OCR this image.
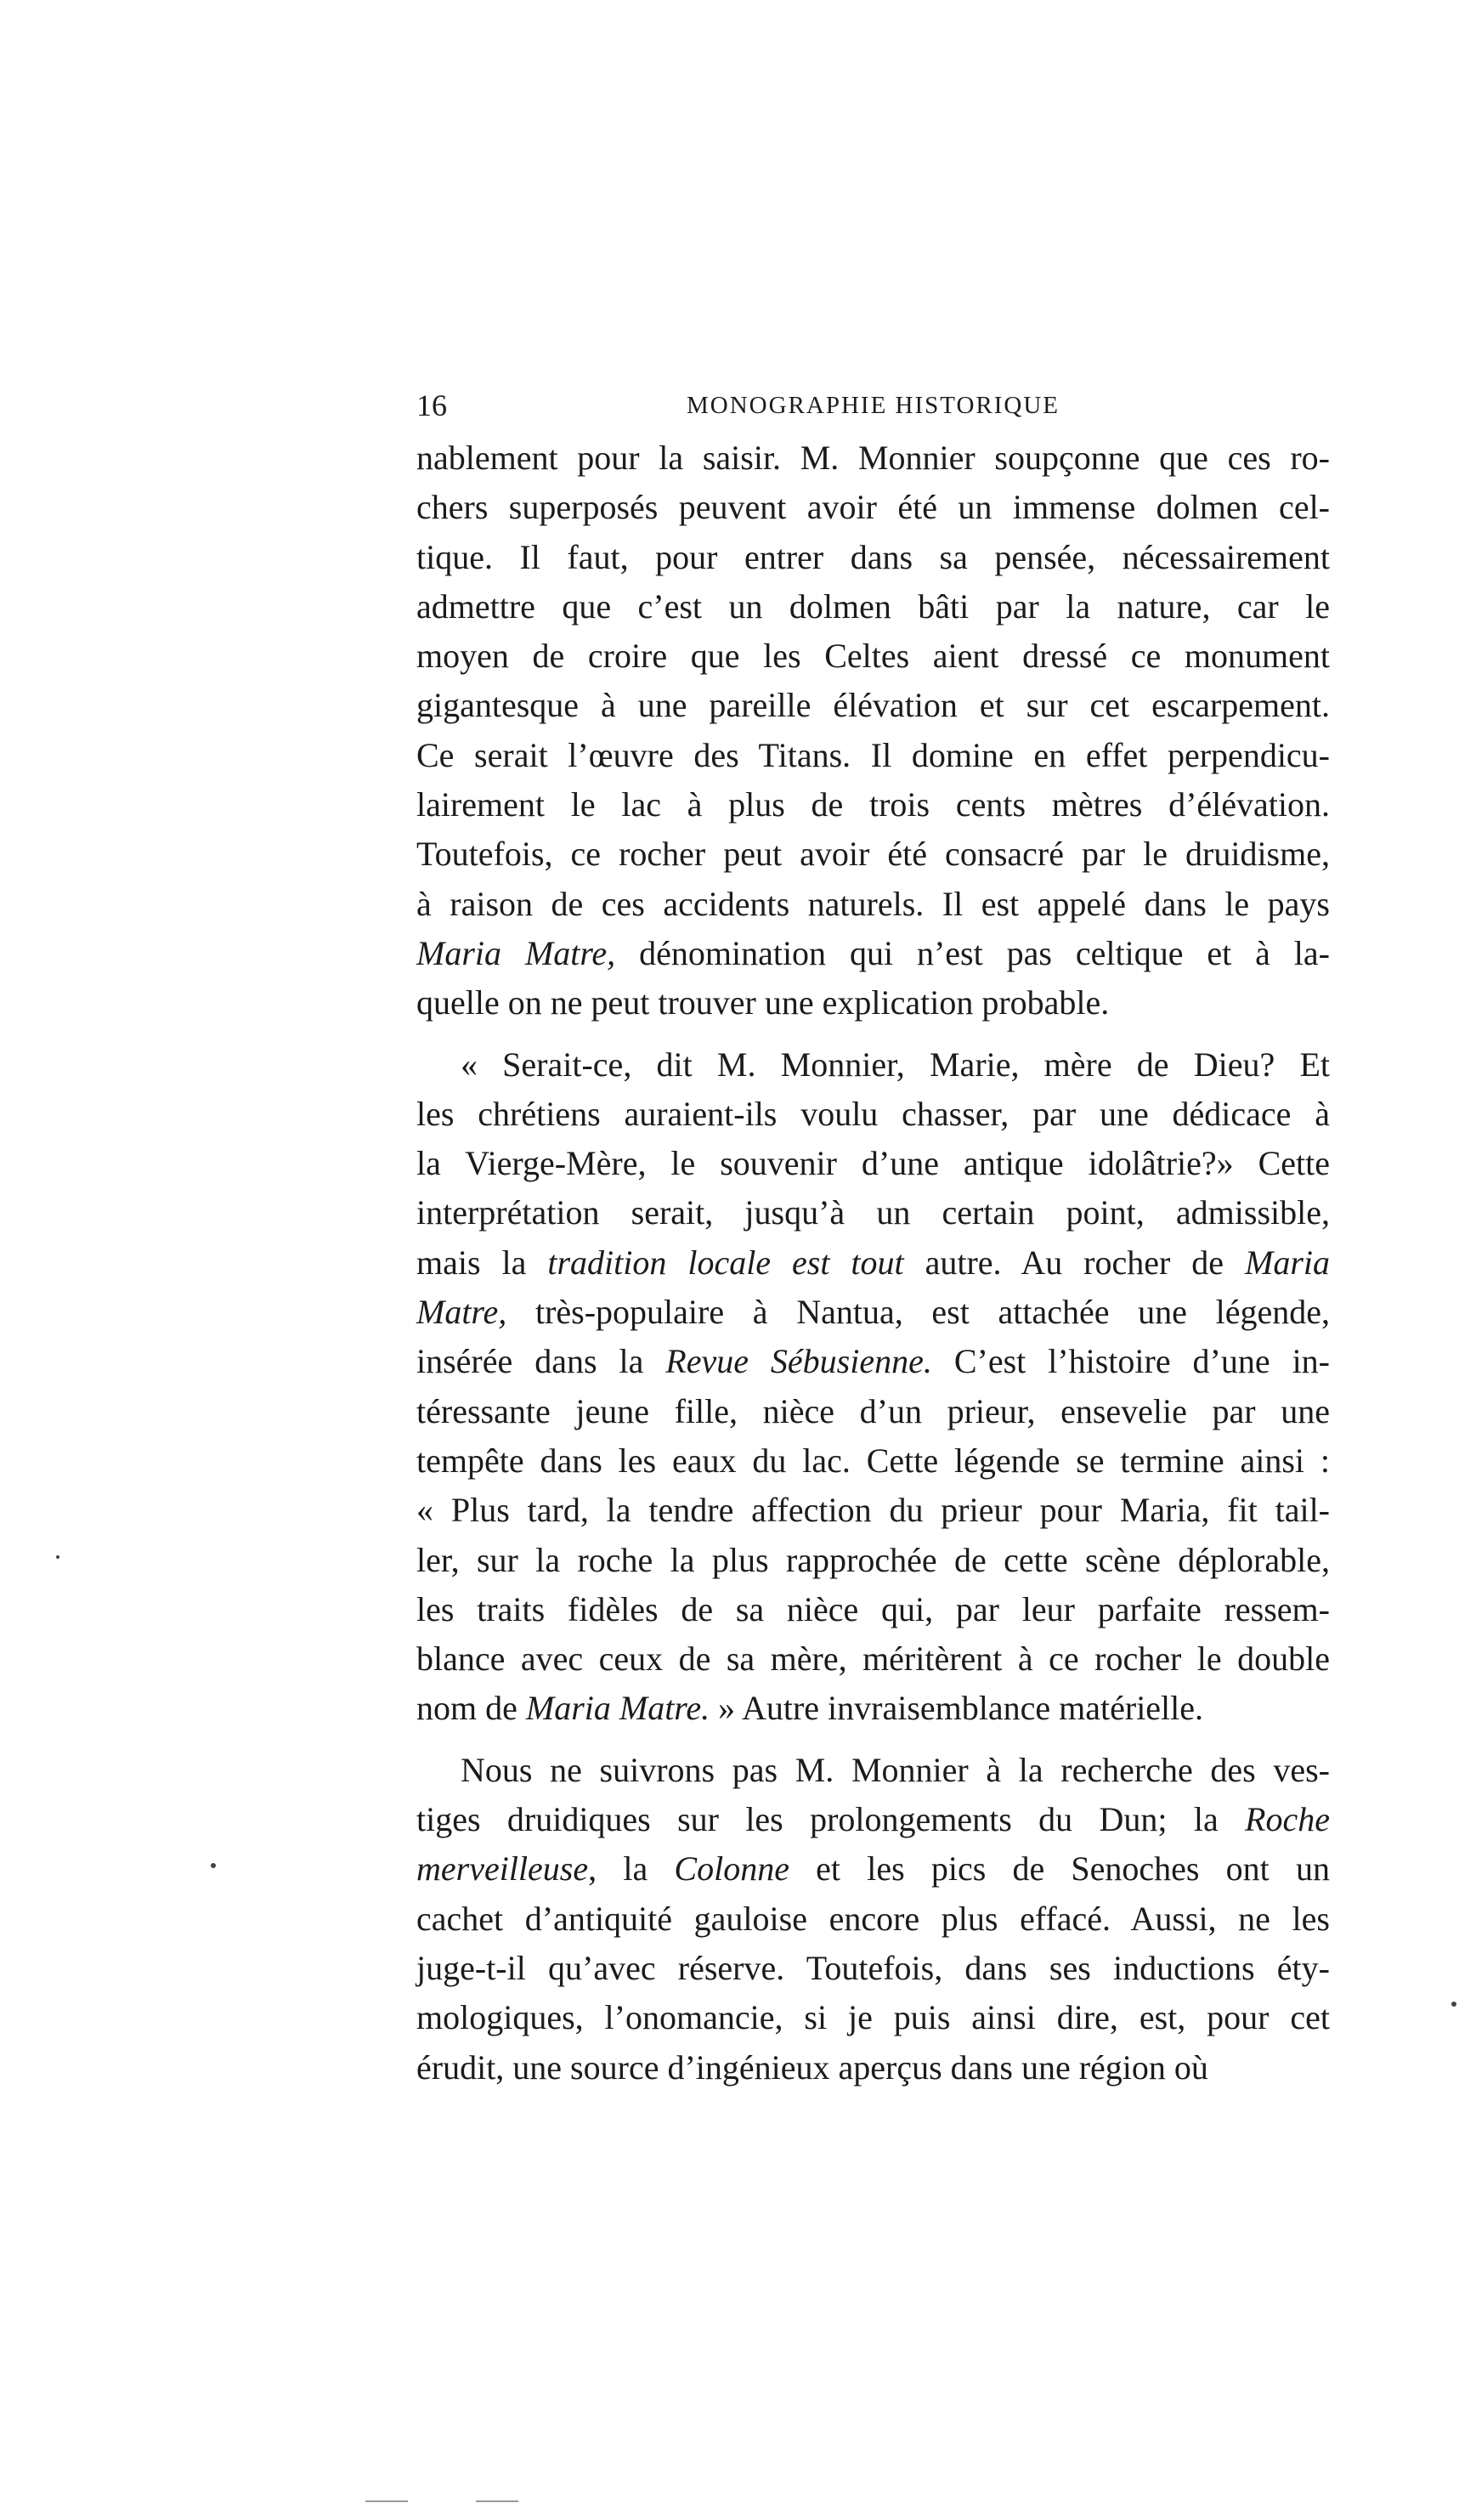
16	MONOGRAPHIE HISTORIQUE
nablement pour la saisir. M. Monnier soupçonne que ces ro-
chers superposés peuvent avoir été un immense dolmen cel-
tique. Il faut, pour entrer dans sa pensée, nécessairement
admettre que c’est un dolmen bâti par la nature, car le
moyen de croire que les Celtes aient dressé ce monument
gigantesque à une pareille élévation et sur cet escarpement.
Ce serait l’œuvre des Titans. Il domine en effet perpendicu-
lairement le lac à plus de trois cents mètres d’élévation.
Toutefois, ce rocher peut avoir été consacré par le druidisme,
à raison de ces accidents naturels. Il est appelé dans le pays
Maria Matre, dénomination qui n’est pas celtique et à la-
quelle on ne peut trouver une explication probable.
« Serait-ce, dit M. Monnier, Marie, mère de Dieu? Et
les chrétiens auraient-ils voulu chasser, par une dédicace à
la Vierge-Mère, le souvenir d’une antique idolâtrie?» Cette
interprétation serait, jusqu’à un certain point, admissible,
mais la tradition locale est tout autre. Au rocher de Maria
Matre, très-populaire à Nantua, est attachée une légende,
insérée dans la Revue Sébusienne. C’est l’histoire d’une in-
téressante jeune fille, nièce d’un prieur, ensevelie par une
tempête dans les eaux du lac. Cette légende se termine ainsi :
« Plus tard, la tendre affection du prieur pour Maria, fit tail-
ler, sur la roche la plus rapprochée de cette scène déplorable,
les traits fidèles de sa nièce qui, par leur parfaite ressem-
blance avec ceux de sa mère, méritèrent à ce rocher le double
nom de Maria Matre. » Autre invraisemblance matérielle.
Nous ne suivrons pas M. Monnier à la recherche des ves-
tiges druidiques sur les prolongements du Dun; la Roche
merveilleuse, la Colonne et les pics de Senoches ont un
cachet d’antiquité gauloise encore plus effacé. Aussi, ne les
juge-t-il qu’avec réserve. Toutefois, dans ses inductions éty-
mologiques, l’onomancie, si je puis ainsi dire, est, pour cet
érudit, une source d’ingénieux aperçus dans une région où
